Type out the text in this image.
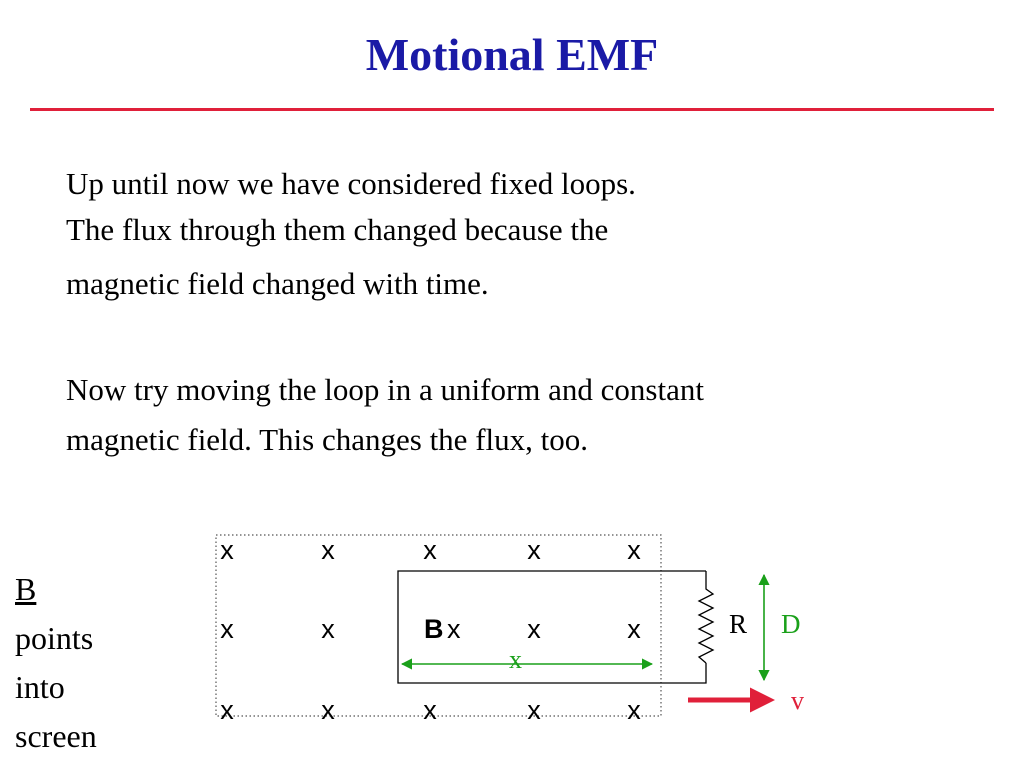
Motional EMF

Up until now we have considered fixed loops.
The flux through them changed because the
magnetic field changed with time.

Now try moving the loop in a uniform and constant
magnetic field. This changes the flux, too.

B
points
into
screen

x	x	x	x	x
x	x	B x x	x
x	x	x	x	x
R D
x
v
